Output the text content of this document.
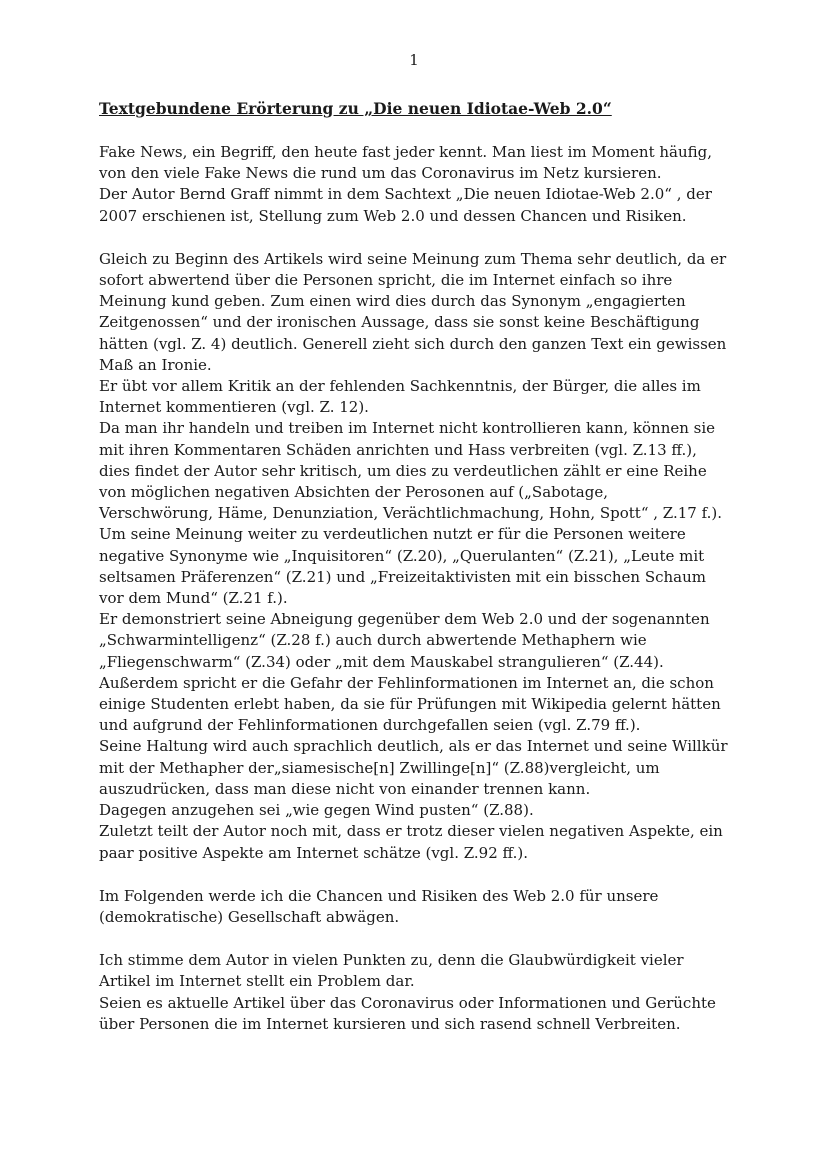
1
Textgebundene Erörterung zu „Die neuen Idiotae-Web 2.0“
Fake News, ein Begriff, den heute fast jeder kennt. Man liest im Moment häufig,
von den viele Fake News die rund um das Coronavirus im Netz kursieren.
Der Autor Bernd Graff nimmt in dem Sachtext „Die neuen Idiotae-Web 2.0“ , der
2007 erschienen ist, Stellung zum Web 2.0 und dessen Chancen und Risiken.
Gleich zu Beginn des Artikels wird seine Meinung zum Thema sehr deutlich, da er
sofort abwertend über die Personen spricht, die im Internet einfach so ihre
Meinung kund geben. Zum einen wird dies durch das Synonym „engagierten
Zeitgenossen“ und der ironischen Aussage, dass sie sonst keine Beschäftigung
hätten (vgl. Z. 4) deutlich. Generell zieht sich durch den ganzen Text ein gewissen
Maß an Ironie.
Er übt vor allem Kritik an der fehlenden Sachkenntnis, der Bürger, die alles im
Internet kommentieren (vgl. Z. 12).
Da man ihr handeln und treiben im Internet nicht kontrollieren kann, können sie
mit ihren Kommentaren Schäden anrichten und Hass verbreiten (vgl. Z.13 ff.),
dies findet der Autor sehr kritisch, um dies zu verdeutlichen zählt er eine Reihe
von möglichen negativen Absichten der Perosonen auf („Sabotage,
Verschwörung, Häme, Denunziation, Verächtlichmachung, Hohn, Spott“ , Z.17 f.).
Um seine Meinung weiter zu verdeutlichen nutzt er für die Personen weitere
negative Synonyme wie „Inquisitoren“ (Z.20), „Querulanten“ (Z.21), „Leute mit
seltsamen Präferenzen“ (Z.21) und „Freizeitaktivisten mit ein bisschen Schaum
vor dem Mund“ (Z.21 f.).
Er demonstriert seine Abneigung gegenüber dem Web 2.0 und der sogenannten
„Schwarmintelligenz“ (Z.28 f.) auch durch abwertende Methaphern wie
„Fliegenschwarm“ (Z.34) oder „mit dem Mauskabel strangulieren“ (Z.44).
Außerdem spricht er die Gefahr der Fehlinformationen im Internet an, die schon
einige Studenten erlebt haben, da sie für Prüfungen mit Wikipedia gelernt hätten
und aufgrund der Fehlinformationen durchgefallen seien (vgl. Z.79 ff.).
Seine Haltung wird auch sprachlich deutlich, als er das Internet und seine Willkür
mit der Methapher der„siamesische[n] Zwillinge[n]“ (Z.88)vergleicht, um
auszudrücken, dass man diese nicht von einander trennen kann.
Dagegen anzugehen sei „wie gegen Wind pusten“ (Z.88).
Zuletzt teilt der Autor noch mit, dass er trotz dieser vielen negativen Aspekte, ein
paar positive Aspekte am Internet schätze (vgl. Z.92 ff.).
Im Folgenden werde ich die Chancen und Risiken des Web 2.0 für unsere
(demokratische) Gesellschaft abwägen.
Ich stimme dem Autor in vielen Punkten zu, denn die Glaubwürdigkeit vieler
Artikel im Internet stellt ein Problem dar.
Seien es aktuelle Artikel über das Coronavirus oder Informationen und Gerüchte
über Personen die im Internet kursieren und sich rasend schnell Verbreiten.
